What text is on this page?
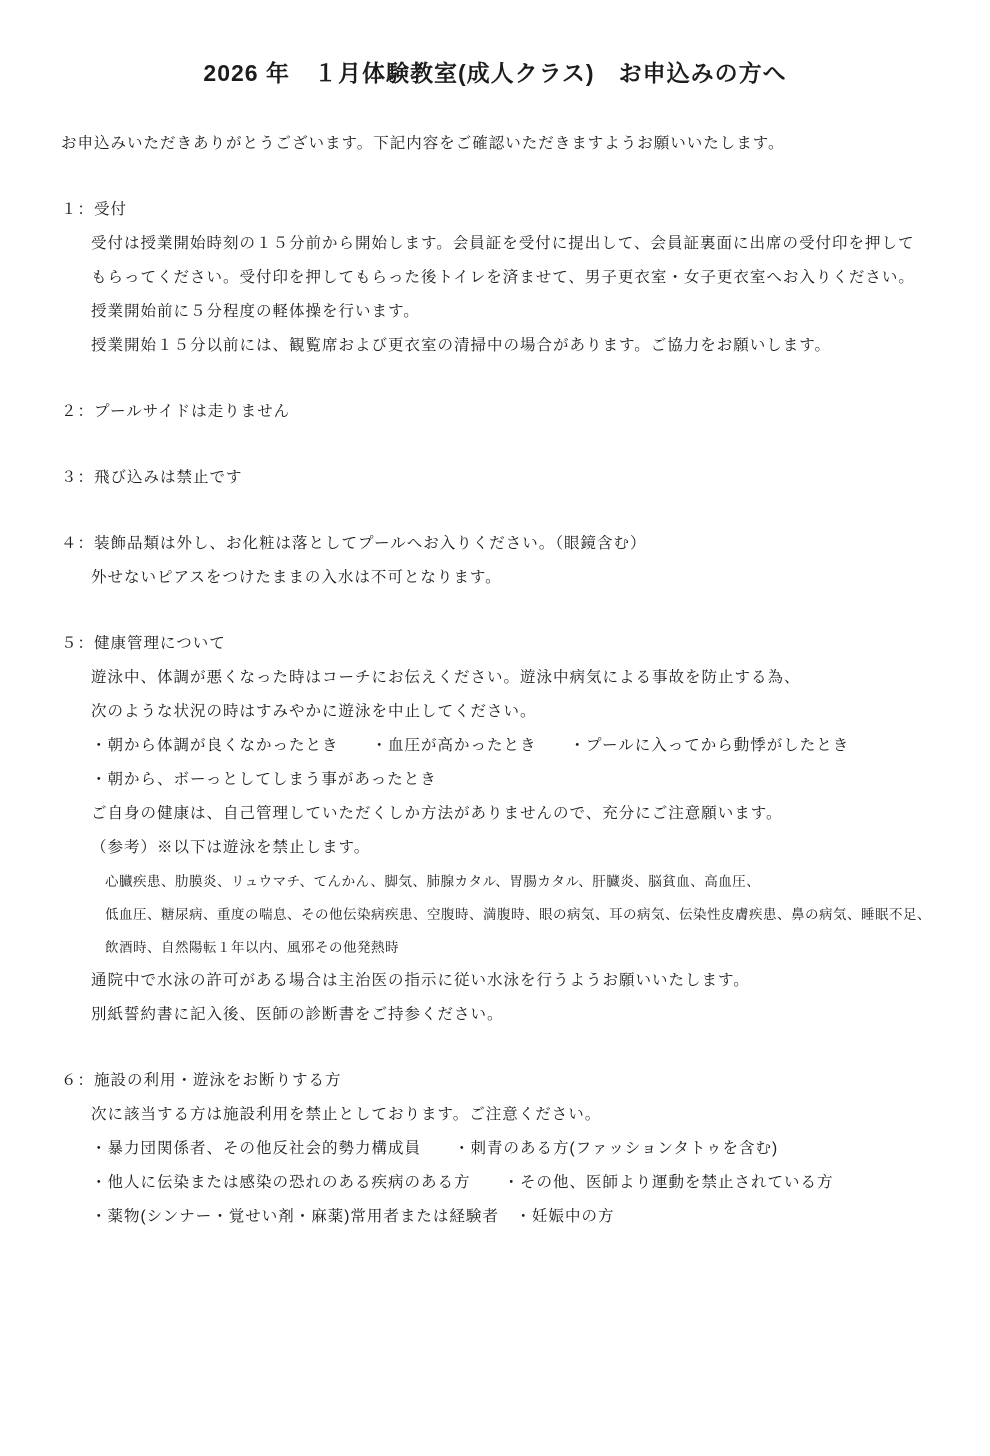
2026 年　１月体験教室(成人クラス)　お申込みの方へ
お申込みいただきありがとうございます。下記内容をご確認いただきますようお願いいたします。
１：受付
受付は授業開始時刻の１５分前から開始します。会員証を受付に提出して、会員証裏面に出席の受付印を押して
もらってください。受付印を押してもらった後トイレを済ませて、男子更衣室・女子更衣室へお入りください。
授業開始前に５分程度の軽体操を行います。
授業開始１５分以前には、観覧席および更衣室の清掃中の場合があります。ご協力をお願いします。
２：プールサイドは走りません
３：飛び込みは禁止です
４：装飾品類は外し、お化粧は落としてプールへお入りください。（眼鏡含む）
外せないピアスをつけたままの入水は不可となります。
５：健康管理について
遊泳中、体調が悪くなった時はコーチにお伝えください。遊泳中病気による事故を防止する為、
次のような状況の時はすみやかに遊泳を中止してください。
・朝から体調が良くなかったとき　　・血圧が高かったとき　　・プールに入ってから動悸がしたとき
・朝から、ボーっとしてしまう事があったとき
ご自身の健康は、自己管理していただくしか方法がありませんので、充分にご注意願います。
（参考）※以下は遊泳を禁止します。
心臓疾患、肋膜炎、リュウマチ、てんかん、脚気、肺腺カタル、胃腸カタル、肝臓炎、脳貧血、高血圧、
低血圧、糖尿病、重度の喘息、その他伝染病疾患、空腹時、満腹時、眼の病気、耳の病気、伝染性皮膚疾患、鼻の病気、睡眠不足、
飲酒時、自然陽転１年以内、風邪その他発熱時
通院中で水泳の許可がある場合は主治医の指示に従い水泳を行うようお願いいたします。
別紙誓約書に記入後、医師の診断書をご持参ください。
６：施設の利用・遊泳をお断りする方
次に該当する方は施設利用を禁止としております。ご注意ください。
・暴力団関係者、その他反社会的勢力構成員　　・刺青のある方(ファッションタトゥを含む)
・他人に伝染または感染の恐れのある疾病のある方　　・その他、医師より運動を禁止されている方
・薬物(シンナー・覚せい剤・麻薬)常用者または経験者　・妊娠中の方
